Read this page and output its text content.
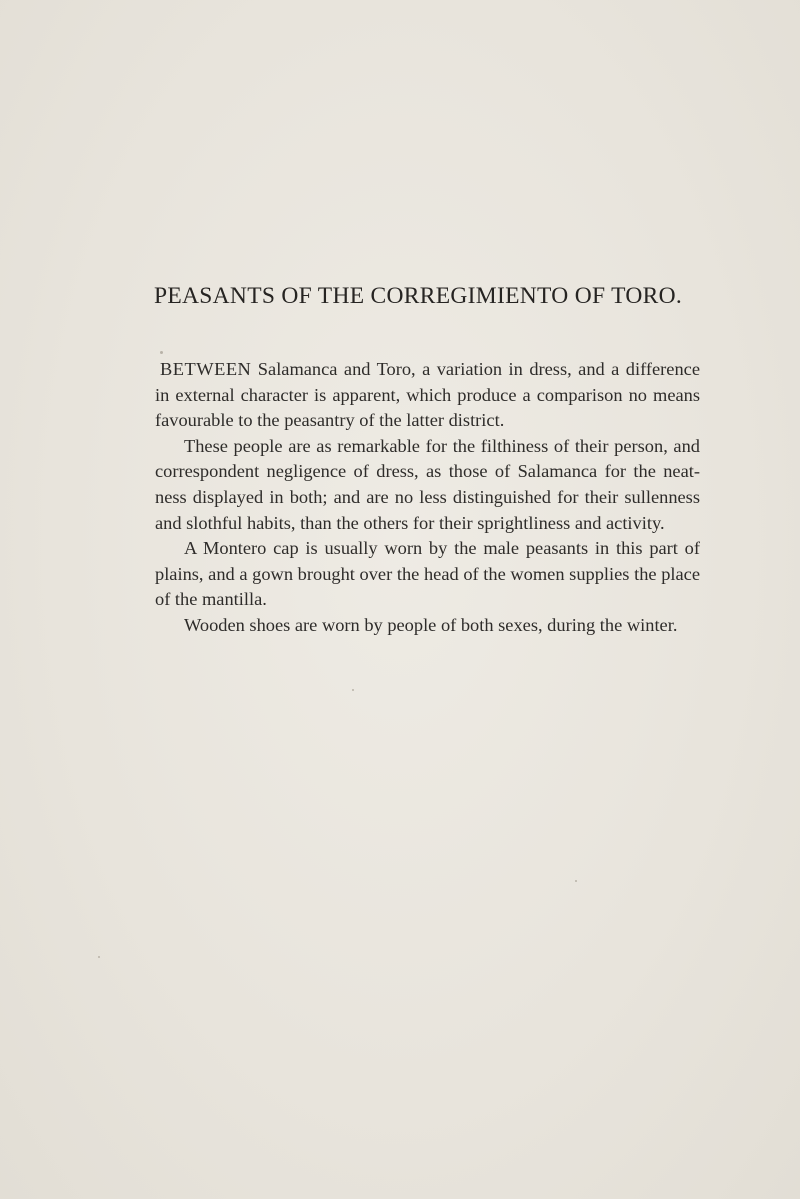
PEASANTS OF THE CORREGIMIENTO OF TORO.

BETWEEN Salamanca and Toro, a variation in dress, and a difference in external character is apparent, which produce a comparison no means favourable to the peasantry of the latter district.

These people are as remarkable for the filthiness of their person, and correspondent negligence of dress, as those of Salamanca for the neat-ness displayed in both; and are no less distinguished for their sullenness and slothful habits, than the others for their sprightliness and activity.

A Montero cap is usually worn by the male peasants in this part of plains, and a gown brought over the head of the women supplies the place of the mantilla.

Wooden shoes are worn by people of both sexes, during the winter.
